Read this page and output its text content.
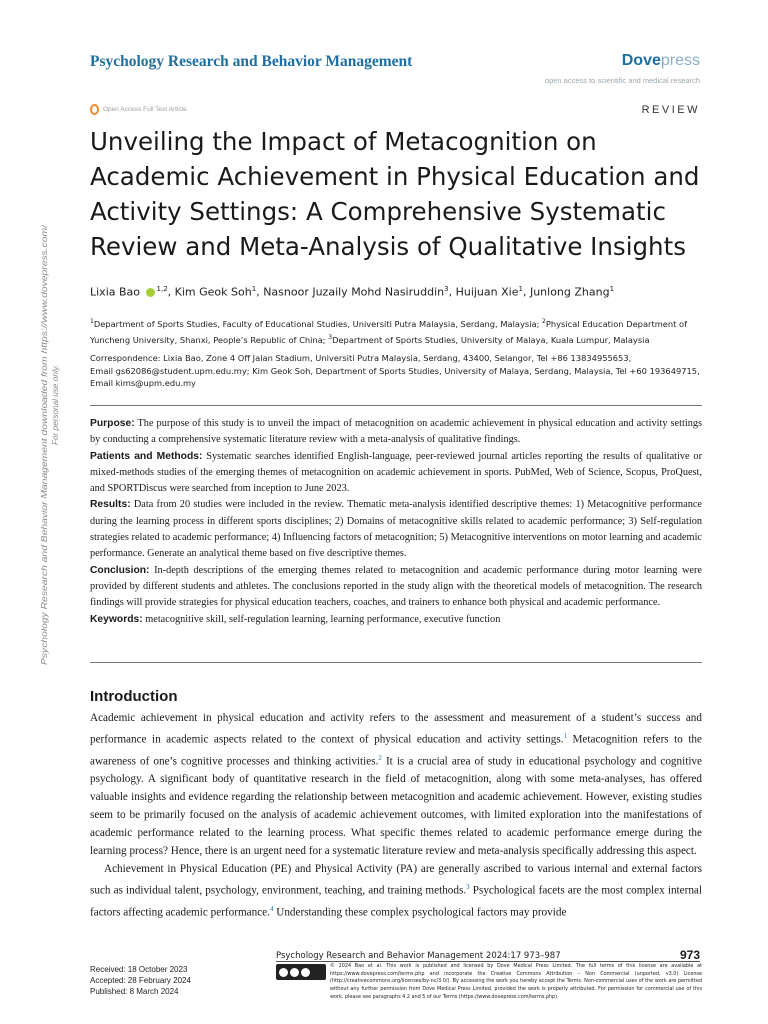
Psychology Research and Behavior Management	Dovepress
open access to scientific and medical research
Open Access Full Text Article	REVIEW
Unveiling the Impact of Metacognition on Academic Achievement in Physical Education and Activity Settings: A Comprehensive Systematic Review and Meta-Analysis of Qualitative Insights
Lixia Bao $^{1,2}$, Kim Geok Soh$^1$, Nasnoor Juzaily Mohd Nasiruddin$^3$, Huijuan Xie$^1$, Junlong Zhang$^1$
$^1$Department of Sports Studies, Faculty of Educational Studies, Universiti Putra Malaysia, Serdang, Malaysia; $^2$Physical Education Department of Yuncheng University, Shanxi, People’s Republic of China; $^3$Department of Sports Studies, University of Malaya, Kuala Lumpur, Malaysia
Correspondence: Lixia Bao, Zone 4 Off Jalan Stadium, Universiti Putra Malaysia, Serdang, 43400, Selangor, Tel +86 13834955653,
Email gs62086@student.upm.edu.my; Kim Geok Soh, Department of Sports Studies, University of Malaya, Serdang, Malaysia, Tel +60 193649715,
Email kims@upm.edu.my
Psychology Research and Behavior Management downloaded from https://www.dovepress.com/ For personal use only.	Purpose: The purpose of this study is to unveil the impact of metacognition on academic achievement in physical education and activity settings by conducting a comprehensive systematic literature review with a meta-analysis of qualitative findings.

Patients and Methods: Systematic searches identified English-language, peer-reviewed journal articles reporting the results of qualitative or mixed-methods studies of the emerging themes of metacognition on academic achievement in sports. PubMed, Web of Science, Scopus, ProQuest, and SPORTDiscus were searched from inception to June 2023.

Results: Data from 20 studies were included in the review. Thematic meta-analysis identified descriptive themes: 1) Metacognitive performance during the learning process in different sports disciplines; 2) Domains of metacognitive skills related to academic performance; 3) Self-regulation strategies related to academic performance; 4) Influencing factors of metacognition; 5) Metacognitive interventions on motor learning and academic performance. Generate an analytical theme based on five descriptive themes.

Conclusion: In-depth descriptions of the emerging themes related to metacognition and academic performance during motor learning were provided by different students and athletes. The conclusions reported in the study align with the theoretical models of metacognition. The research findings will provide strategies for physical education teachers, coaches, and trainers to enhance both physical and academic performance.

Keywords: metacognitive skill, self-regulation learning, learning performance, executive function

Introduction

Academic achievement in physical education and activity refers to the assessment and measurement of a student’s success and performance in academic aspects related to the context of physical education and activity settings.$^1$ Metacognition refers to the awareness of one’s cognitive processes and thinking activities.$^2$ It is a crucial area of study in educational psychology and cognitive psychology. A significant body of quantitative research in the field of metacognition, along with some meta-analyses, has offered valuable insights and evidence regarding the relationship between metacognition and academic achievement. However, existing studies seem to be primarily focused on the analysis of academic achievement outcomes, with limited exploration into the manifestations of academic performance related to the learning process. What specific themes related to academic performance emerge during the learning process? Hence, there is an urgent need for a systematic literature review and meta-analysis specifically addressing this aspect.

Achievement in Physical Education (PE) and Physical Activity (PA) are generally ascribed to various internal and external factors such as individual talent, psychology, environment, teaching, and training methods.$^3$ Psychological facets are the most complex internal factors affecting academic performance.$^4$ Understanding these complex psychological factors may provide

Received: 18 October 2023
Accepted: 28 February 2024
Published: 8 March 2024
Psychology Research and Behavior Management 2024:17 973–987	973
© 2024 Bao et al. This work is published and licensed by Dove Medical Press Limited. The full terms of this license are available at https://www.dovepress.com/terms.php and incorporate the Creative Commons Attribution – Non Commercial (unported, v3.0) License (http://creativecommons.org/licenses/by-nc/3.0/). By accessing the work you hereby accept the Terms. Non-commercial uses of the work are permitted without any further permission from Dove Medical Press Limited, provided the work is properly attributed. For permission for commercial use of this work, please see paragraphs 4.2 and 5 of our Terms (https://www.dovepress.com/terms.php).
